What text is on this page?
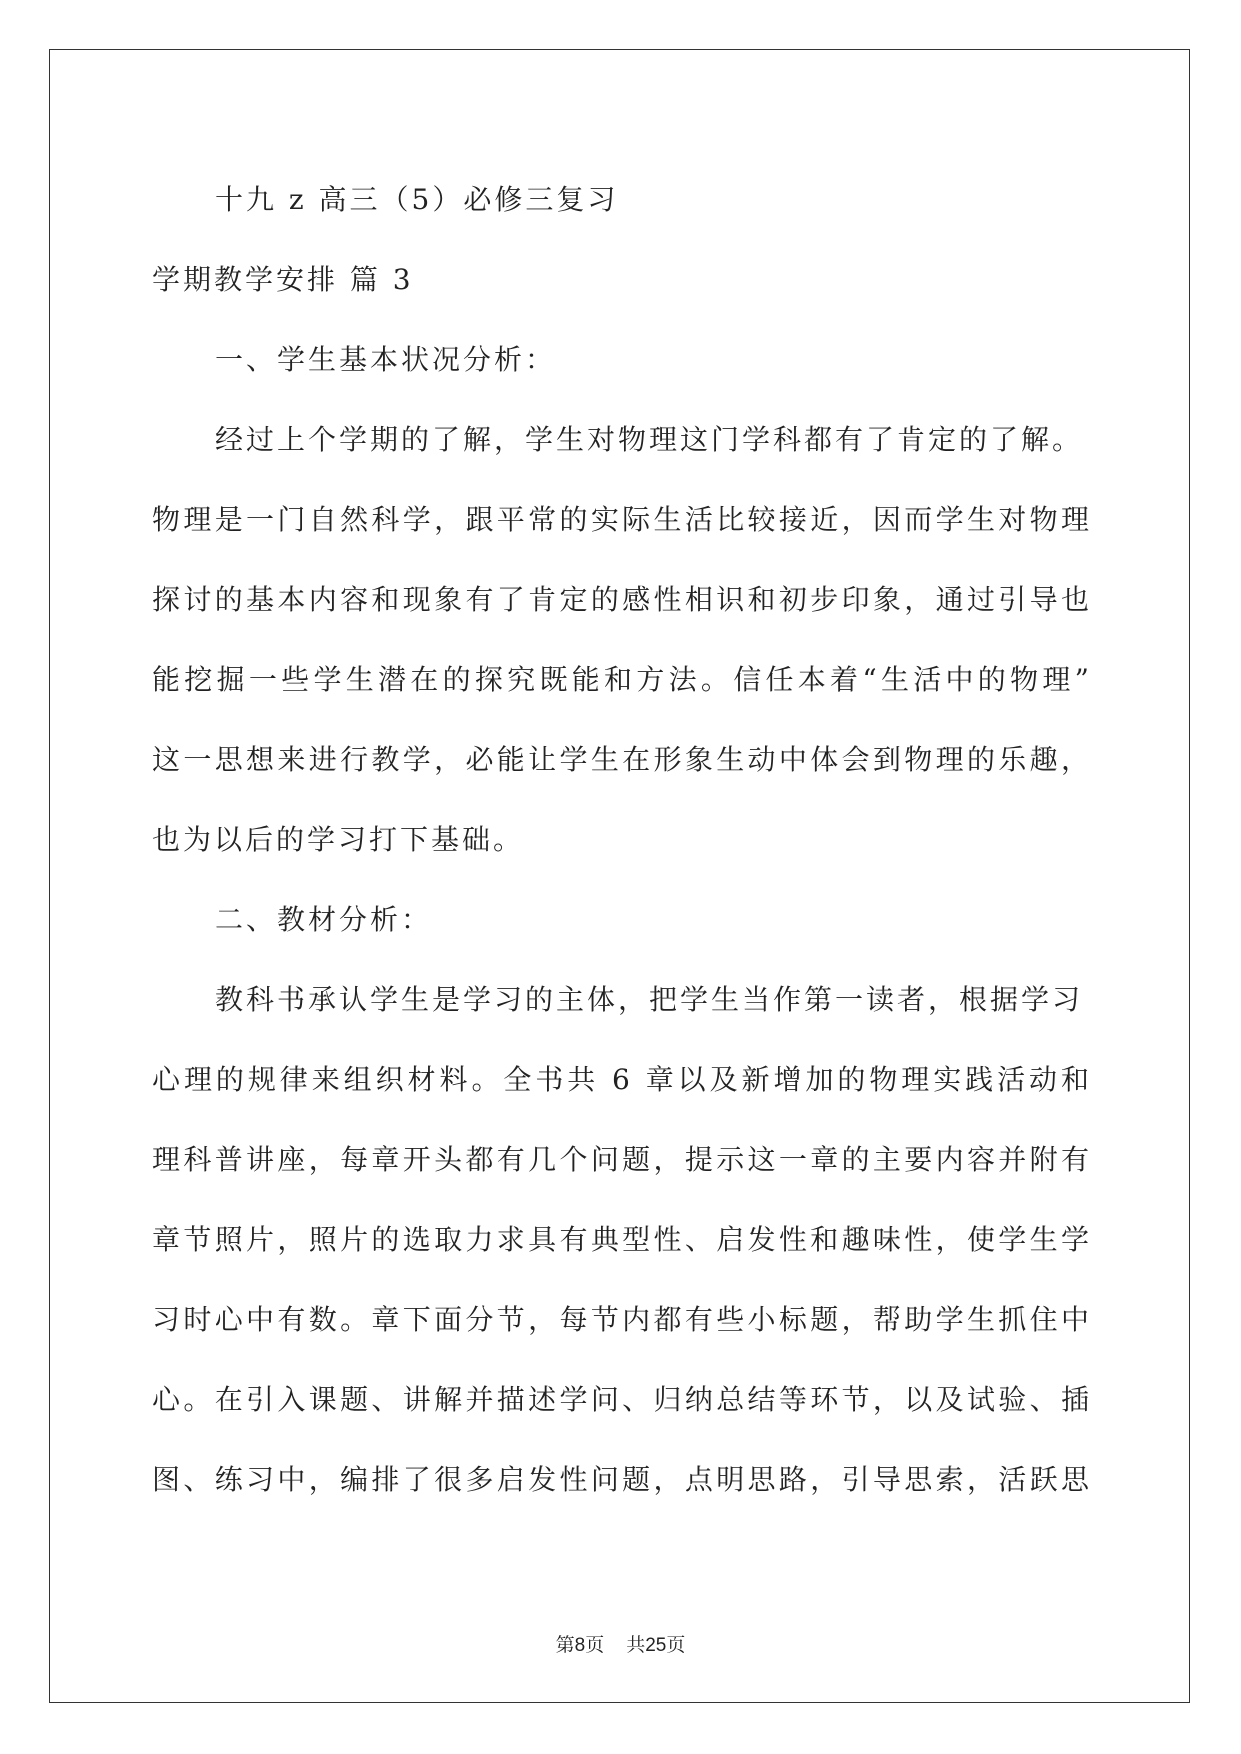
十九 z 高三（5）必修三复习
学期教学安排 篇 3
一、学生基本状况分析：
经过上个学期的了解，学生对物理这门学科都有了肯定的了解。
物理是一门自然科学，跟平常的实际生活比较接近，因而学生对物理
探讨的基本内容和现象有了肯定的感性相识和初步印象，通过引导也
能挖掘一些学生潜在的探究既能和方法。信任本着“生活中的物理”
这一思想来进行教学，必能让学生在形象生动中体会到物理的乐趣，
也为以后的学习打下基础。
二、教材分析：
教科书承认学生是学习的主体，把学生当作第一读者，根据学习
心理的规律来组织材料。全书共 6 章以及新增加的物理实践活动和
理科普讲座，每章开头都有几个问题，提示这一章的主要内容并附有
章节照片，照片的选取力求具有典型性、启发性和趣味性，使学生学
习时心中有数。章下面分节，每节内都有些小标题，帮助学生抓住中
心。在引入课题、讲解并描述学问、归纳总结等环节，以及试验、插
图、练习中，编排了很多启发性问题，点明思路，引导思索，活跃思
第8页 共25页
